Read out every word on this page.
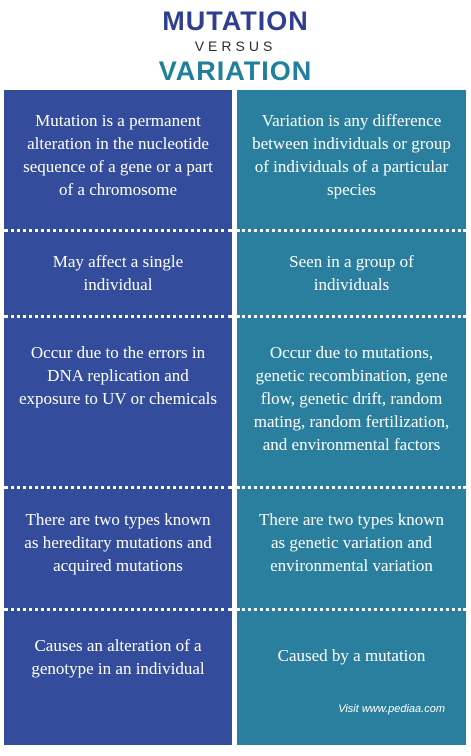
MUTATION
VERSUS
VARIATION
Mutation is a permanent alteration in the nucleotide sequence of a gene or a part of a chromosome
May affect a single individual
Occur due to the errors in DNA replication and exposure to UV or chemicals
There are two types known as hereditary mutations and acquired mutations
Causes an alteration of a genotype in an individual
Variation is any difference between individuals or group of individuals of a particular species
Seen in a group of individuals
Occur due to mutations, genetic recombination, gene flow, genetic drift, random mating, random fertilization, and environmental factors
There are two types known as genetic variation and environmental variation
Caused by a mutation
Visit www.pediaa.com
